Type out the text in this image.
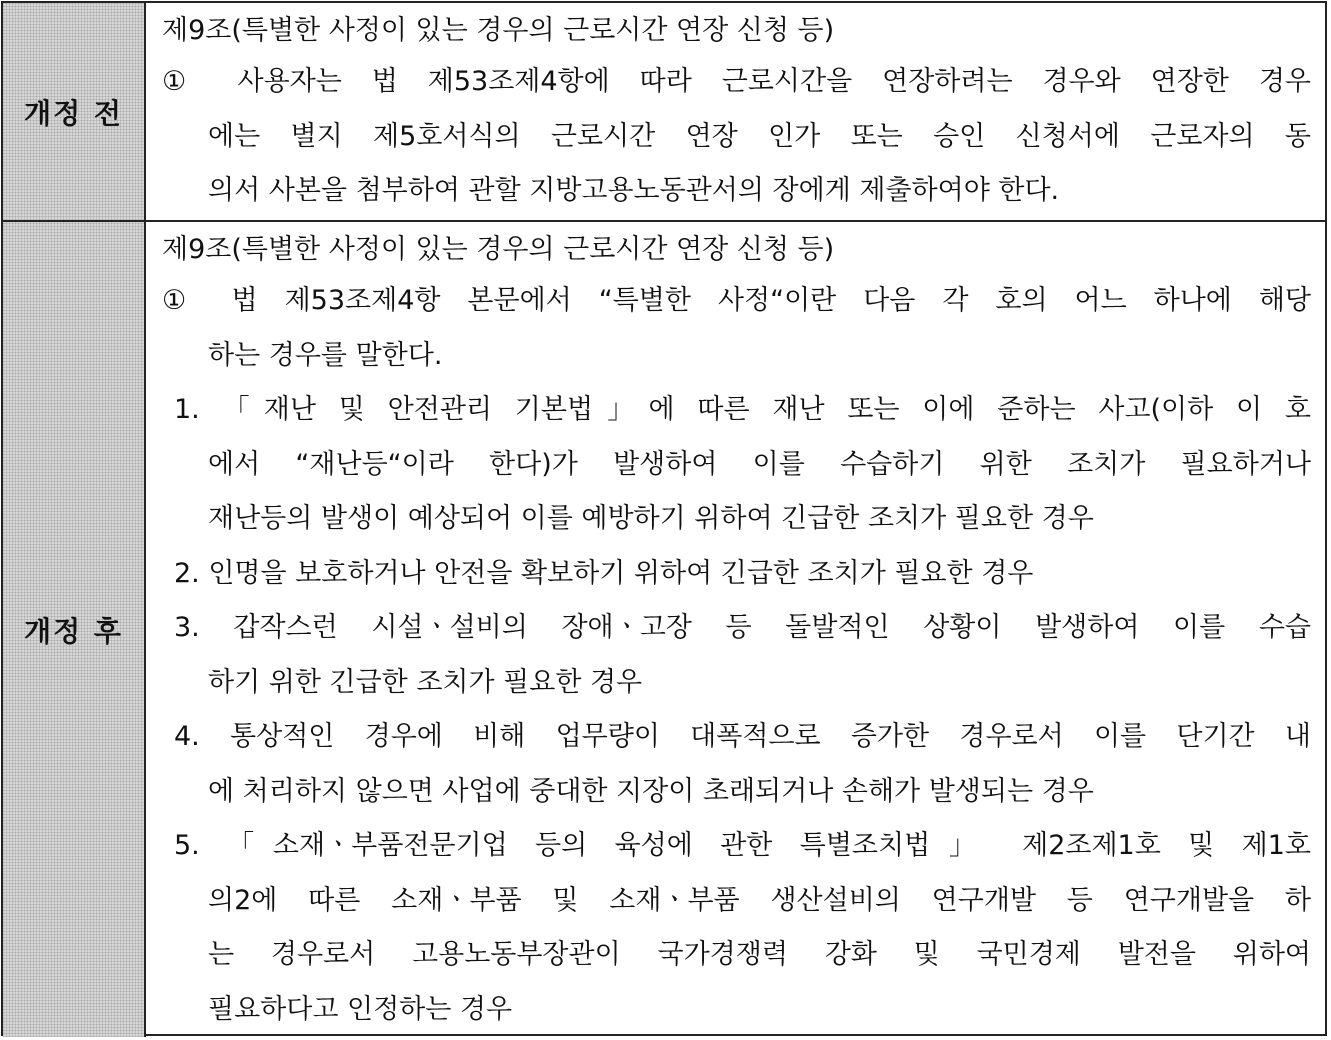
개정 전
제9조(특별한 사정이 있는 경우의 근로시간 연장 신청 등)
① 사용자는 법 제53조제4항에 따라 근로시간을 연장하려는 경우와 연장한 경우
에는 별지 제5호서식의 근로시간 연장 인가 또는 승인 신청서에 근로자의 동
의서 사본을 첨부하여 관할 지방고용노동관서의 장에게 제출하여야 한다.
개정 후
제9조(특별한 사정이 있는 경우의 근로시간 연장 신청 등)
① 법 제53조제4항 본문에서 “특별한 사정“이란 다음 각 호의 어느 하나에 해당
하는 경우를 말한다.
1. 「재난 및 안전관리 기본법」에 따른 재난 또는 이에 준하는 사고(이하 이 호
에서 “재난등“이라 한다)가 발생하여 이를 수습하기 위한 조치가 필요하거나
재난등의 발생이 예상되어 이를 예방하기 위하여 긴급한 조치가 필요한 경우
2. 인명을 보호하거나 안전을 확보하기 위하여 긴급한 조치가 필요한 경우
3. 갑작스런 시설ㆍ설비의 장애ㆍ고장 등 돌발적인 상황이 발생하여 이를 수습
하기 위한 긴급한 조치가 필요한 경우
4. 통상적인 경우에 비해 업무량이 대폭적으로 증가한 경우로서 이를 단기간 내
에 처리하지 않으면 사업에 중대한 지장이 초래되거나 손해가 발생되는 경우
5. 「소재ㆍ부품전문기업 등의 육성에 관한 특별조치법」 제2조제1호 및 제1호
의2에 따른 소재ㆍ부품 및 소재ㆍ부품 생산설비의 연구개발 등 연구개발을 하
는 경우로서 고용노동부장관이 국가경쟁력 강화 및 국민경제 발전을 위하여
필요하다고 인정하는 경우
